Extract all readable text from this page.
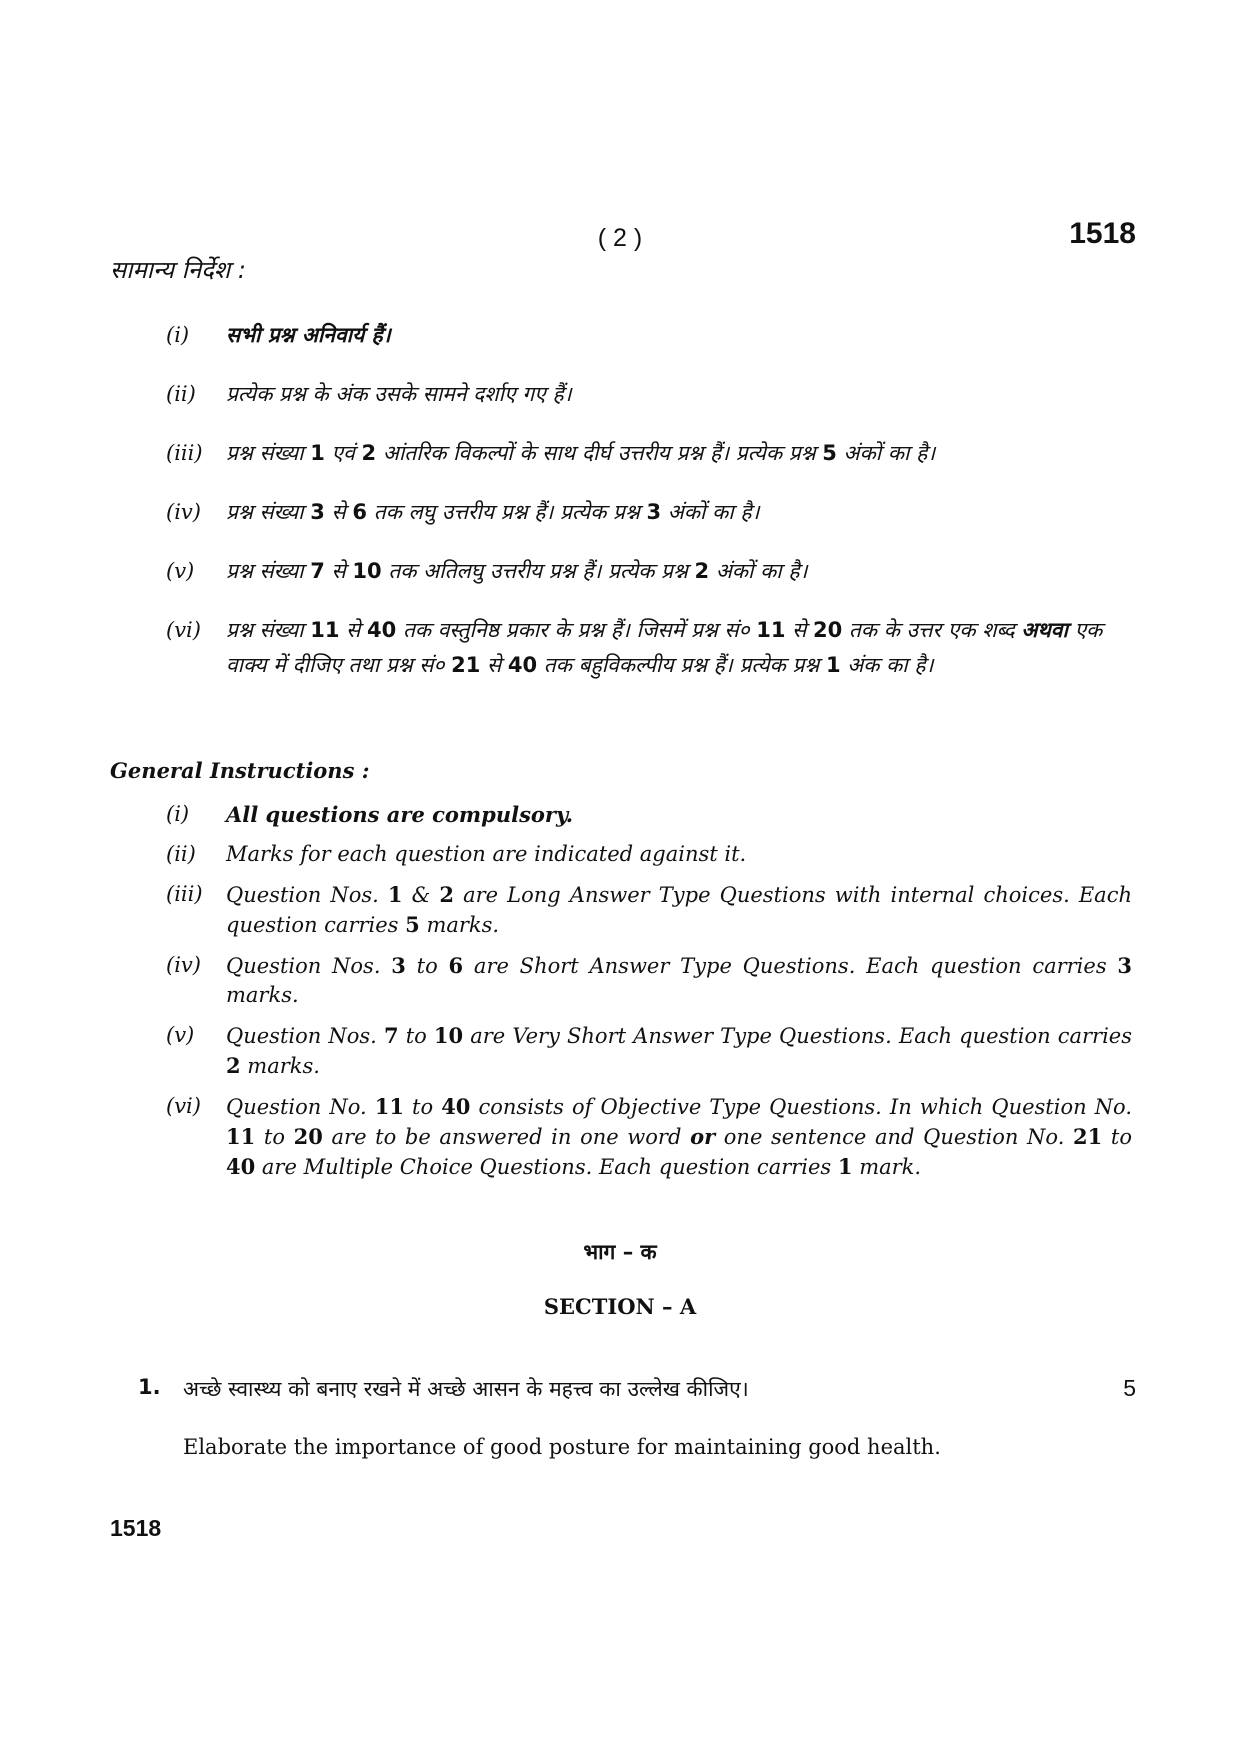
( 2 )	1518
सामान्य निर्देश :
(i)	सभी प्रश्न अनिवार्य हैं।
(ii)	प्रत्येक प्रश्न के अंक उसके सामने दर्शाए गए हैं।
(iii)	प्रश्न संख्या 1 एवं 2 आंतरिक विकल्पों के साथ दीर्घ उत्तरीय प्रश्न हैं। प्रत्येक प्रश्न 5 अंकों का है।
(iv)	प्रश्न संख्या 3 से 6 तक लघु उत्तरीय प्रश्न हैं। प्रत्येक प्रश्न 3 अंकों का है।
(v)	प्रश्न संख्या 7 से 10 तक अतिलघु उत्तरीय प्रश्न हैं। प्रत्येक प्रश्न 2 अंकों का है।
(vi)	प्रश्न संख्या 11 से 40 तक वस्तुनिष्ठ प्रकार के प्रश्न हैं। जिसमें प्रश्न सं० 11 से 20 तक के उत्तर एक शब्द अथवा एक वाक्य में दीजिए तथा प्रश्न सं० 21 से 40 तक बहुविकल्पीय प्रश्न हैं। प्रत्येक प्रश्न 1 अंक का है।
General Instructions :
(i)	All questions are compulsory.
(ii)	Marks for each question are indicated against it.
(iii)	Question Nos. 1 & 2 are Long Answer Type Questions with internal choices. Each question carries 5 marks.
(iv)	Question Nos. 3 to 6 are Short Answer Type Questions. Each question carries 3 marks.
(v)	Question Nos. 7 to 10 are Very Short Answer Type Questions. Each question carries 2 marks.
(vi)	Question No. 11 to 40 consists of Objective Type Questions. In which Question No. 11 to 20 are to be answered in one word or one sentence and Question No. 21 to 40 are Multiple Choice Questions. Each question carries 1 mark.
भाग – क
SECTION – A
1.	अच्छे स्वास्थ्य को बनाए रखने में अच्छे आसन के महत्त्व का उल्लेख कीजिए।	5
Elaborate the importance of good posture for maintaining good health.
1518
